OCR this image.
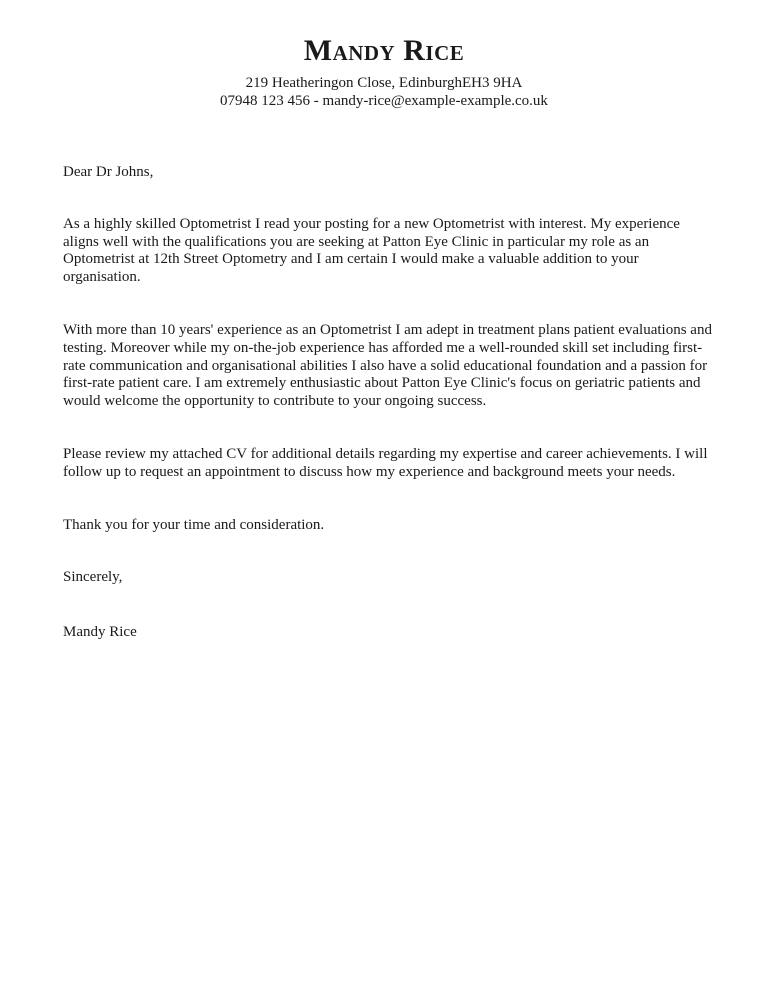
Mandy Rice

219 Heatheringon Close, EdinburghEH3 9HA

07948 123 456 - mandy-rice@example-example.co.uk

Dear Dr Johns,

As a highly skilled Optometrist I read your posting for a new Optometrist with interest. My experience aligns well with the qualifications you are seeking at Patton Eye Clinic in particular my role as an Optometrist at 12th Street Optometry and I am certain I would make a valuable addition to your organisation.

With more than 10 years' experience as an Optometrist I am adept in treatment plans patient evaluations and testing. Moreover while my on-the-job experience has afforded me a well-rounded skill set including first-rate communication and organisational abilities I also have a solid educational foundation and a passion for first-rate patient care. I am extremely enthusiastic about Patton Eye Clinic's focus on geriatric patients and would welcome the opportunity to contribute to your ongoing success.

Please review my attached CV for additional details regarding my expertise and career achievements. I will follow up to request an appointment to discuss how my experience and background meets your needs.

Thank you for your time and consideration.

Sincerely,

Mandy Rice
